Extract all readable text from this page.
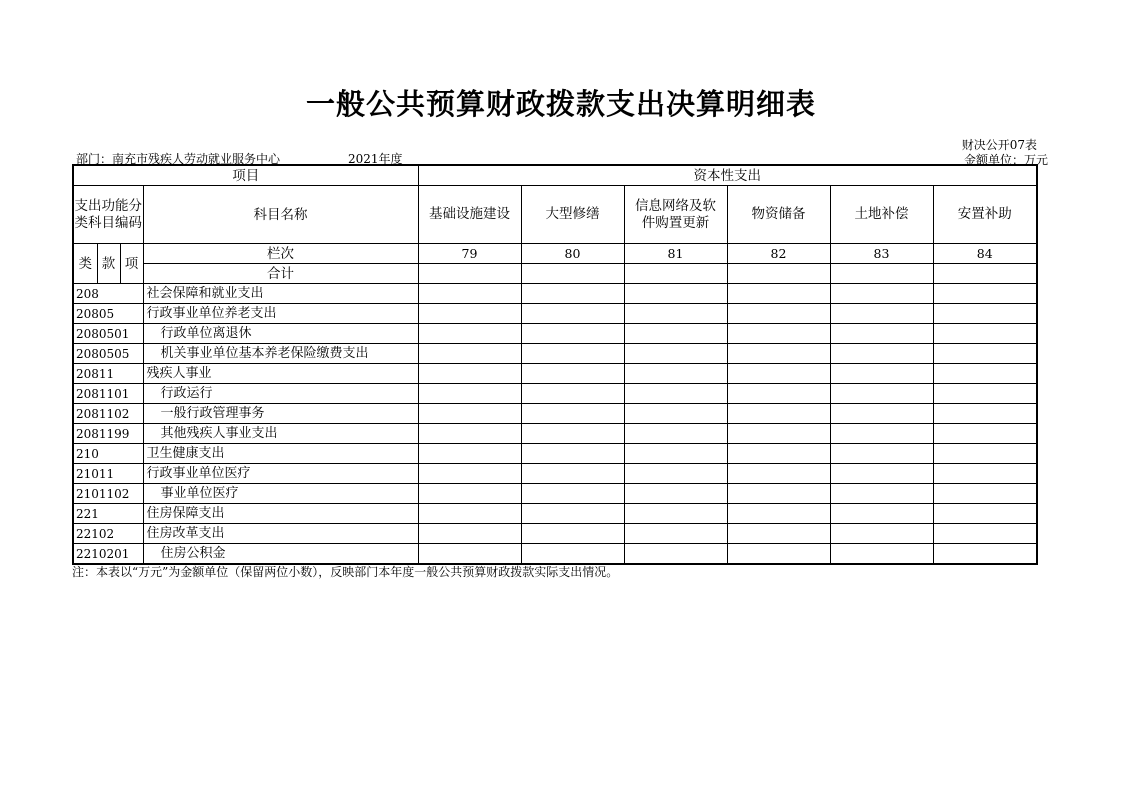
一般公共预算财政拨款支出决算明细表
财决公开07表
金额单位：万元
部门：南充市残疾人劳动就业服务中心	2021年度
项目				资本性支出					
支出功能分类科目编码			科目名称	基础设施建设	大型修缮	信息网络及软件购置更新	物资储备	土地补偿	安置补助
类	款	项	栏次	79	80	81	82	83	84
			合计						
208			社会保障和就业支出						
20805			行政事业单位养老支出						
2080501			行政单位离退休						
2080505			机关事业单位基本养老保险缴费支出						
20811			残疾人事业						
2081101			行政运行						
2081102			一般行政管理事务						
2081199			其他残疾人事业支出						
210			卫生健康支出						
21011			行政事业单位医疗						
2101102			事业单位医疗						
221			住房保障支出						
22102			住房改革支出						
2210201			住房公积金						
注：本表以“万元”为金额单位（保留两位小数），反映部门本年度一般公共预算财政拨款实际支出情况。
